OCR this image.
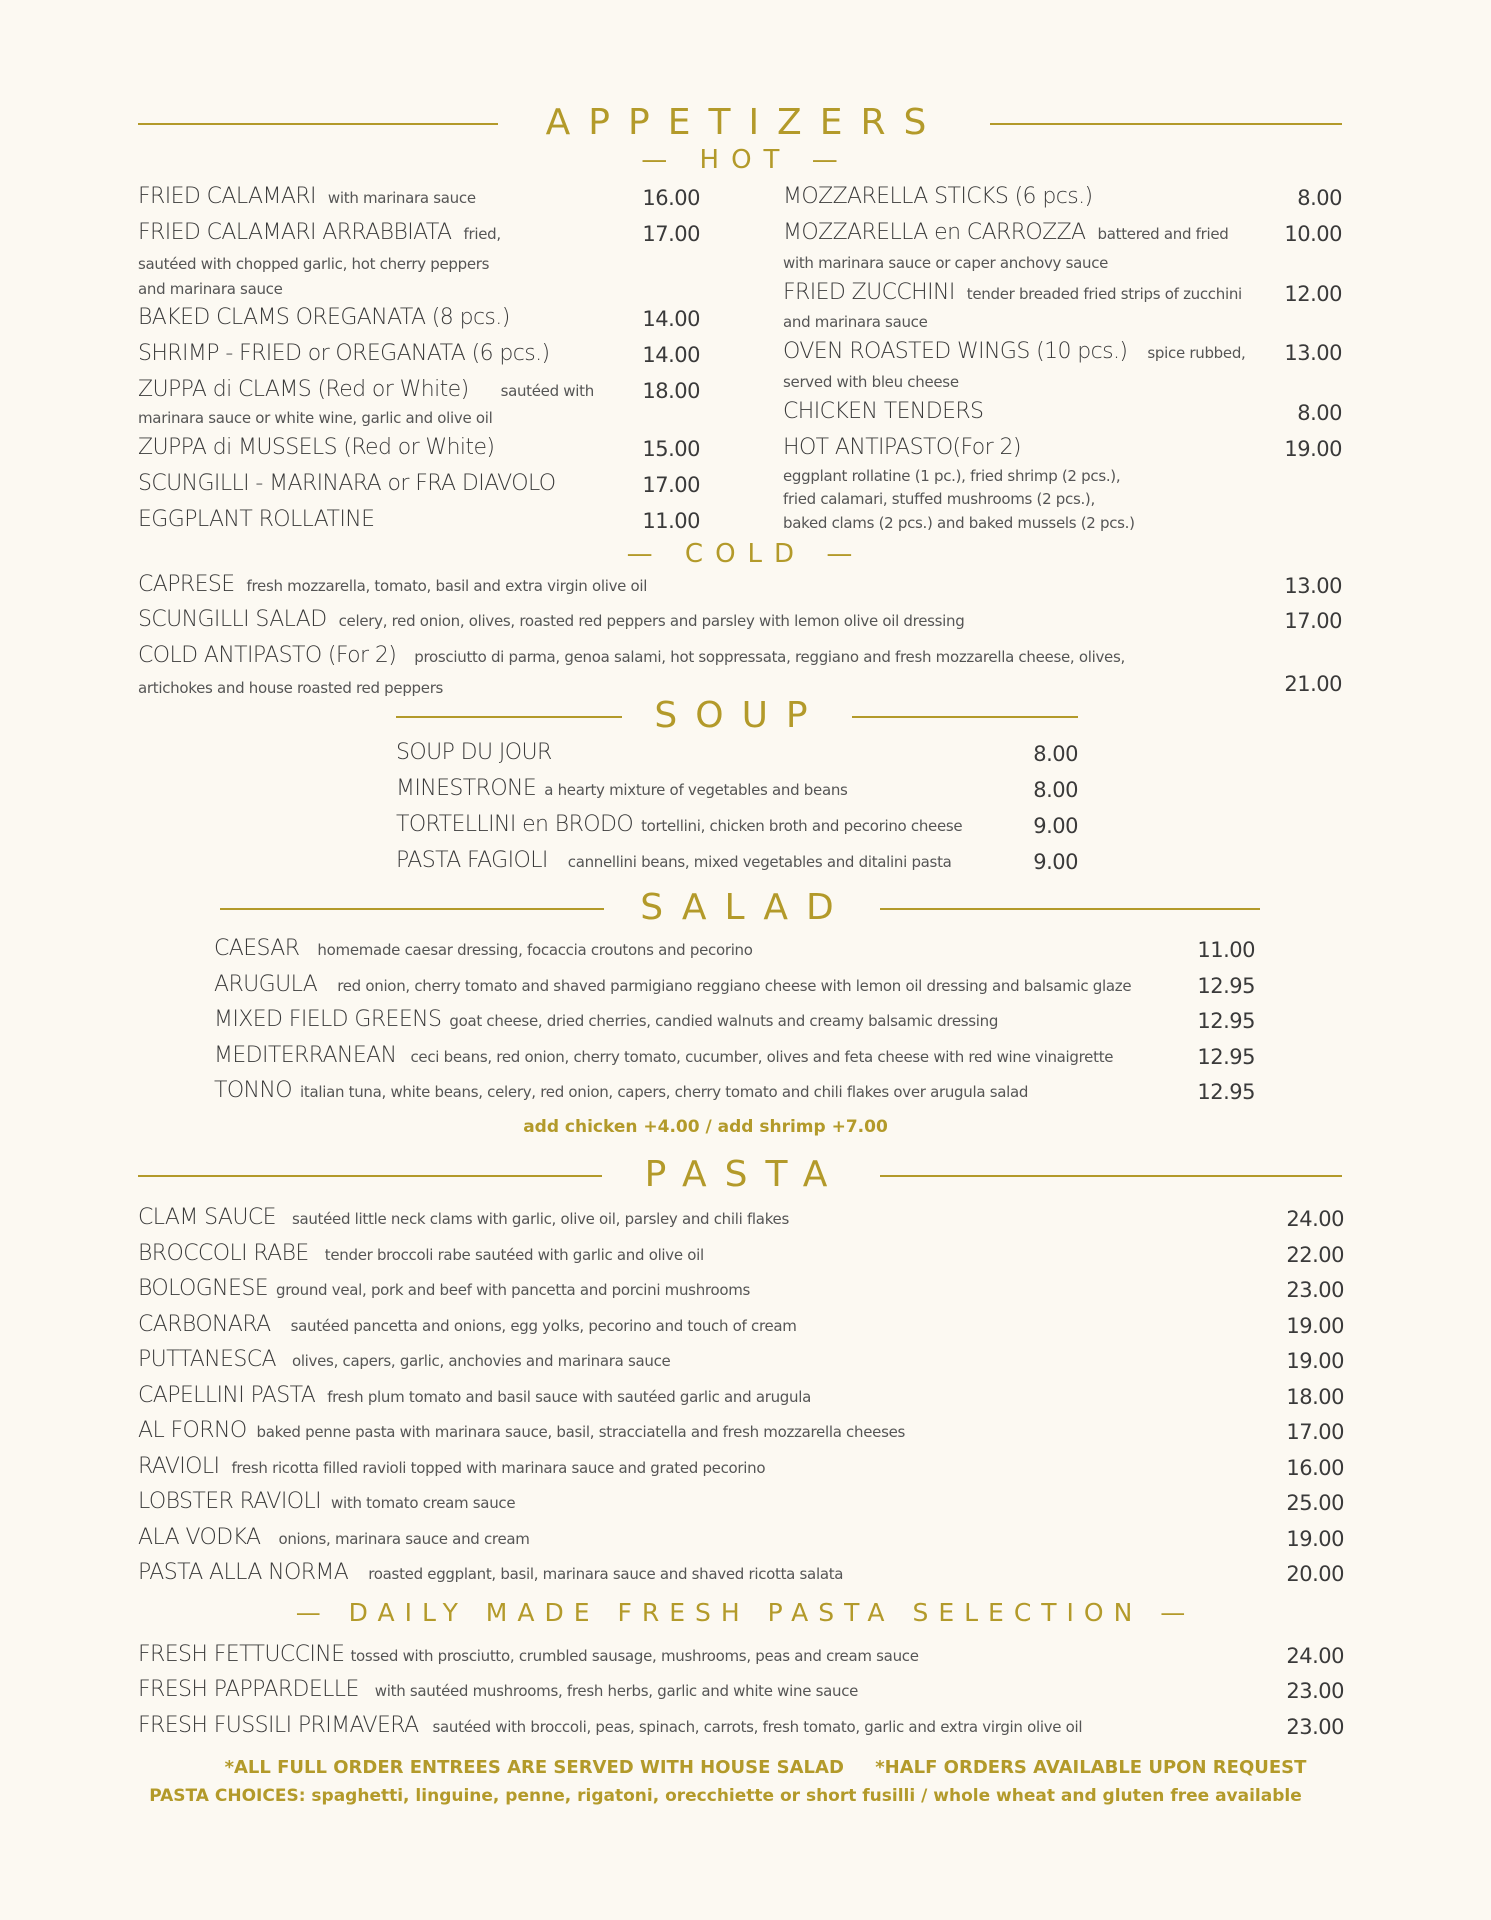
APPETIZERS
— HOT —
FRIED CALAMARI with marinara sauce	16.00
FRIED CALAMARI ARRABBIATA fried,
sautéed with chopped garlic, hot cherry peppers
and marinara sauce
17.00
BAKED CLAMS OREGANATA (8 pcs.)	14.00
SHRIMP - FRIED or OREGANATA (6 pcs.)	14.00
ZUPPA di CLAMS (Red or White) sautéed with
marinara sauce or white wine, garlic and olive oil
18.00
ZUPPA di MUSSELS (Red or White)	15.00
SCUNGILLI - MARINARA or FRA DIAVOLO	17.00
EGGPLANT ROLLATINE	11.00
MOZZARELLA STICKS (6 pcs.)	8.00
MOZZARELLA en CARROZZA battered and fried
with marinara sauce or caper anchovy sauce
10.00
FRIED ZUCCHINI tender breaded fried strips of zucchini
and marinara sauce
12.00
OVEN ROASTED WINGS (10 pcs.) spice rubbed,
served with bleu cheese
13.00
CHICKEN TENDERS	8.00
HOT ANTIPASTO(For 2)
eggplant rollatine (1 pc.), fried shrimp (2 pcs.),
fried calamari, stuffed mushrooms (2 pcs.),
baked clams (2 pcs.) and baked mussels (2 pcs.)
19.00
— COLD —
CAPRESE fresh mozzarella, tomato, basil and extra virgin olive oil	13.00
SCUNGILLI SALAD celery, red onion, olives, roasted red peppers and parsley with lemon olive oil dressing	17.00
COLD ANTIPASTO (For 2) prosciutto di parma, genoa salami, hot soppressata, reggiano and fresh mozzarella cheese, olives,
artichokes and house roasted red peppers	21.00
SOUP
SOUP DU JOUR	8.00
MINESTRONE a hearty mixture of vegetables and beans	8.00
TORTELLINI en BRODO tortellini, chicken broth and pecorino cheese	9.00
PASTA FAGIOLI cannellini beans, mixed vegetables and ditalini pasta	9.00
SALAD
CAESAR homemade caesar dressing, focaccia croutons and pecorino	11.00
ARUGULA red onion, cherry tomato and shaved parmigiano reggiano cheese with lemon oil dressing and balsamic glaze	12.95
MIXED FIELD GREENS goat cheese, dried cherries, candied walnuts and creamy balsamic dressing	12.95
MEDITERRANEAN ceci beans, red onion, cherry tomato, cucumber, olives and feta cheese with red wine vinaigrette	12.95
TONNO italian tuna, white beans, celery, red onion, capers, cherry tomato and chili flakes over arugula salad	12.95
add chicken +4.00 / add shrimp +7.00
PASTA
CLAM SAUCE sautéed little neck clams with garlic, olive oil, parsley and chili flakes	24.00
BROCCOLI RABE tender broccoli rabe sautéed with garlic and olive oil	22.00
BOLOGNESE ground veal, pork and beef with pancetta and porcini mushrooms	23.00
CARBONARA sautéed pancetta and onions, egg yolks, pecorino and touch of cream	19.00
PUTTANESCA olives, capers, garlic, anchovies and marinara sauce	19.00
CAPELLINI PASTA fresh plum tomato and basil sauce with sautéed garlic and arugula	18.00
AL FORNO baked penne pasta with marinara sauce, basil, stracciatella and fresh mozzarella cheeses	17.00
RAVIOLI fresh ricotta filled ravioli topped with marinara sauce and grated pecorino	16.00
LOBSTER RAVIOLI with tomato cream sauce	25.00
ALA VODKA onions, marinara sauce and cream	19.00
PASTA ALLA NORMA roasted eggplant, basil, marinara sauce and shaved ricotta salata	20.00
— DAILY MADE FRESH PASTA SELECTION —
FRESH FETTUCCINE tossed with prosciutto, crumbled sausage, mushrooms, peas and cream sauce	24.00
FRESH PAPPARDELLE with sautéed mushrooms, fresh herbs, garlic and white wine sauce	23.00
FRESH FUSSILI PRIMAVERA sautéed with broccoli, peas, spinach, carrots, fresh tomato, garlic and extra virgin olive oil	23.00
*ALL FULL ORDER ENTREES ARE SERVED WITH HOUSE SALAD     *HALF ORDERS AVAILABLE UPON REQUEST
PASTA CHOICES: spaghetti, linguine, penne, rigatoni, orecchiette or short fusilli / whole wheat and gluten free available
